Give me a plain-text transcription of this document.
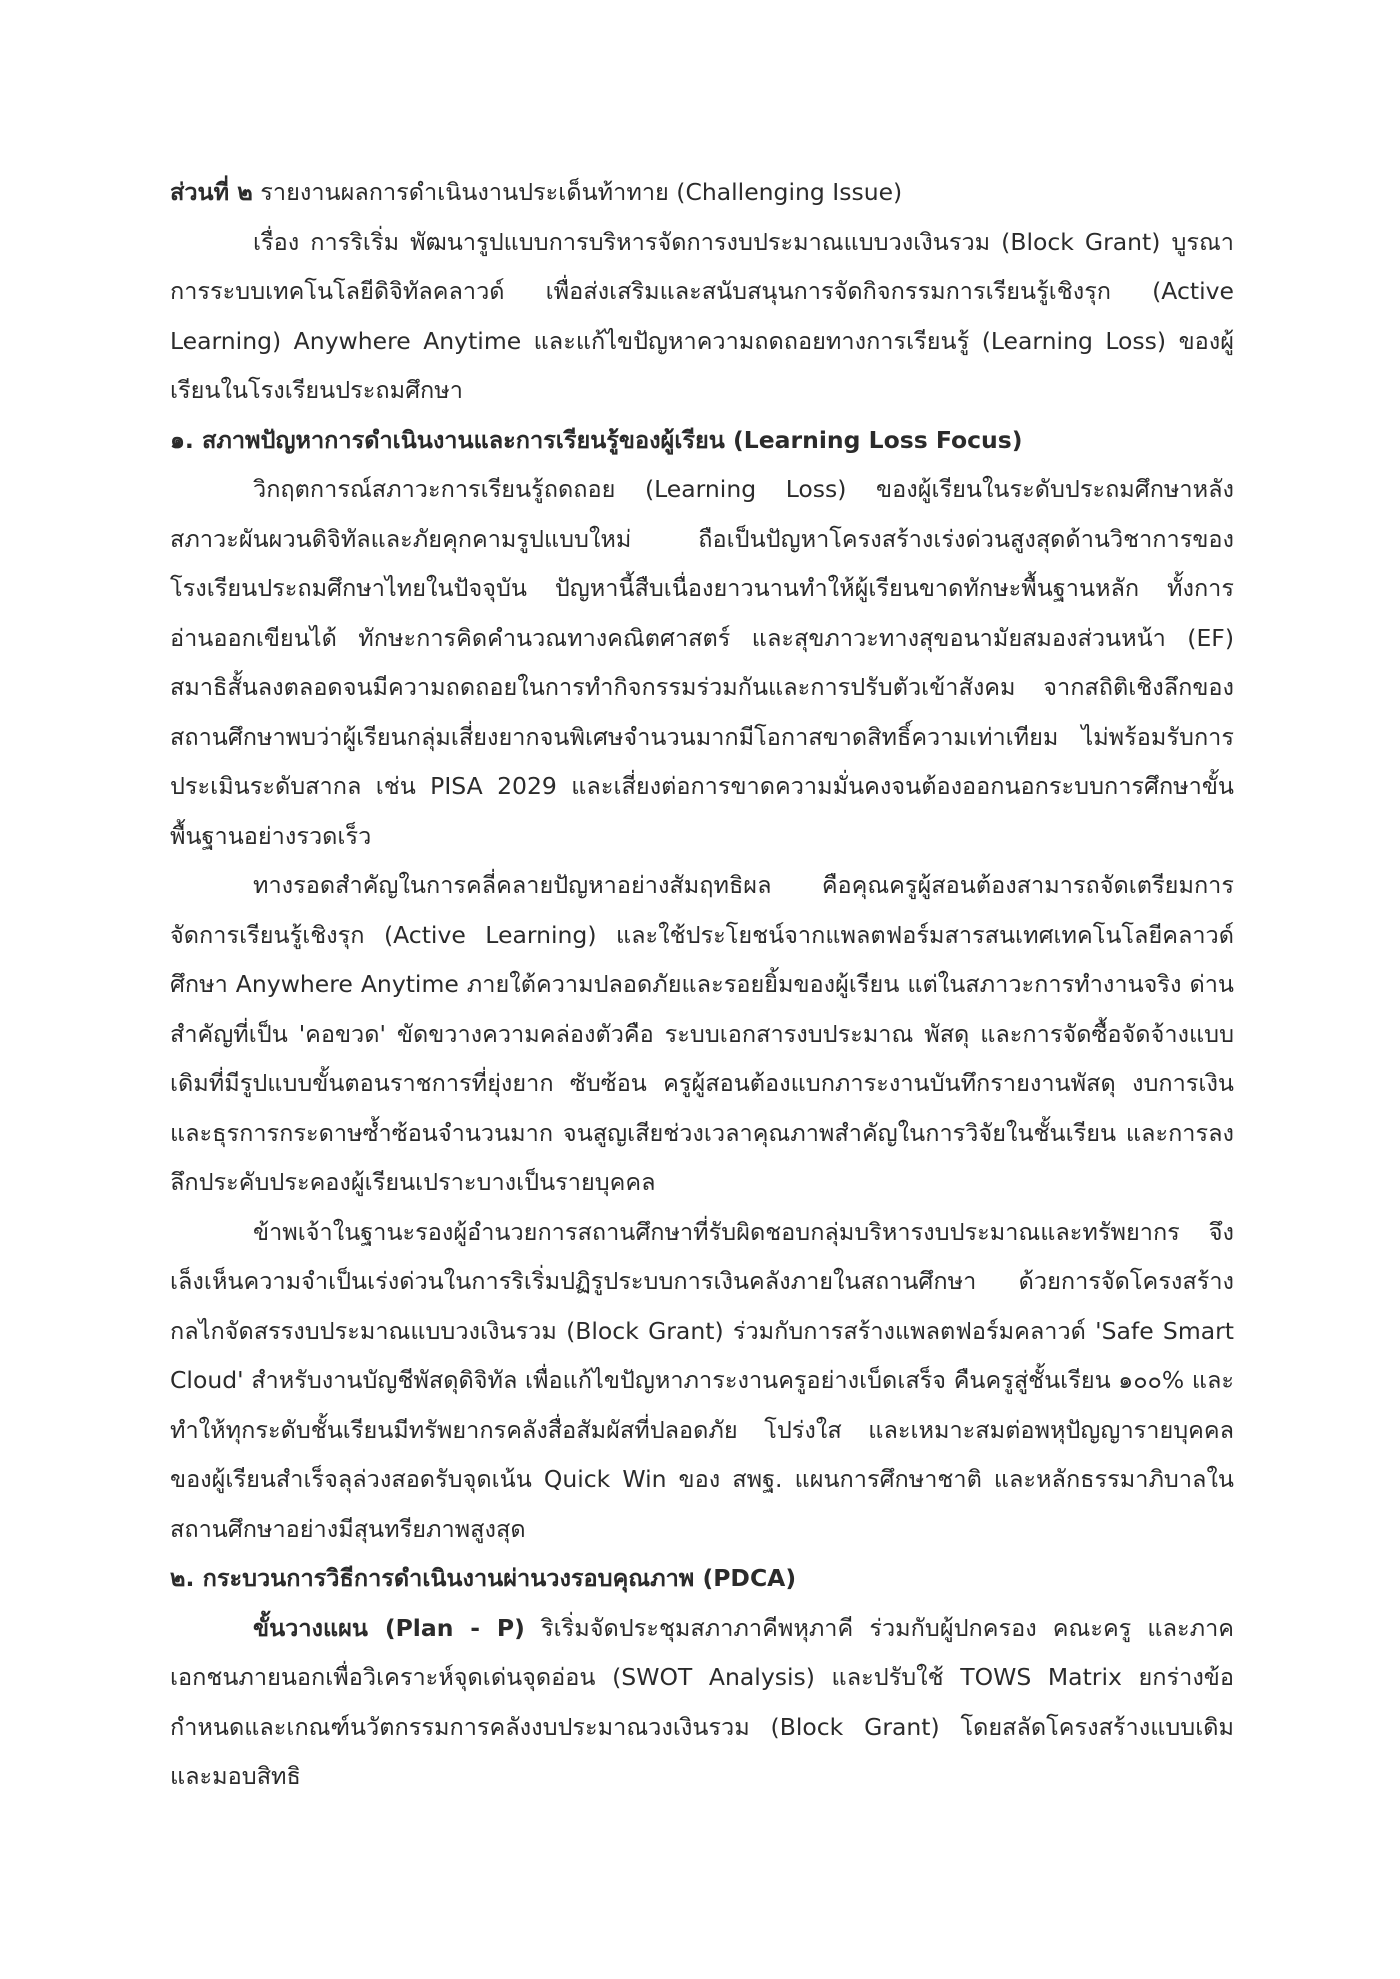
ส่วนที่ ๒ รายงานผลการดำเนินงานประเด็นท้าทาย (Challenging Issue)

เรื่อง การริเริ่ม พัฒนารูปแบบการบริหารจัดการงบประมาณแบบวงเงินรวม (Block Grant) บูรณาการระบบเทคโนโลยีดิจิทัลคลาวด์ เพื่อส่งเสริมและสนับสนุนการจัดกิจกรรมการเรียนรู้เชิงรุก (Active Learning) Anywhere Anytime และแก้ไขปัญหาความถดถอยทางการเรียนรู้ (Learning Loss) ของผู้เรียนในโรงเรียนประถมศึกษา

๑. สภาพปัญหาการดำเนินงานและการเรียนรู้ของผู้เรียน (Learning Loss Focus)

วิกฤตการณ์สภาวะการเรียนรู้ถดถอย (Learning Loss) ของผู้เรียนในระดับประถมศึกษาหลังสภาวะผันผวนดิจิทัลและภัยคุกคามรูปแบบใหม่ ถือเป็นปัญหาโครงสร้างเร่งด่วนสูงสุดด้านวิชาการของโรงเรียนประถมศึกษาไทยในปัจจุบัน ปัญหานี้สืบเนื่องยาวนานทำให้ผู้เรียนขาดทักษะพื้นฐานหลัก ทั้งการอ่านออกเขียนได้ ทักษะการคิดคำนวณทางคณิตศาสตร์ และสุขภาวะทางสุขอนามัยสมองส่วนหน้า (EF) สมาธิสั้นลงตลอดจนมีความถดถอยในการทำกิจกรรมร่วมกันและการปรับตัวเข้าสังคม จากสถิติเชิงลึกของสถานศึกษาพบว่าผู้เรียนกลุ่มเสี่ยงยากจนพิเศษจำนวนมากมีโอกาสขาดสิทธิ์ความเท่าเทียม ไม่พร้อมรับการประเมินระดับสากล เช่น PISA 2029 และเสี่ยงต่อการขาดความมั่นคงจนต้องออกนอกระบบการศึกษาขั้นพื้นฐานอย่างรวดเร็ว

ทางรอดสำคัญในการคลี่คลายปัญหาอย่างสัมฤทธิผล คือคุณครูผู้สอนต้องสามารถจัดเตรียมการจัดการเรียนรู้เชิงรุก (Active Learning) และใช้ประโยชน์จากแพลตฟอร์มสารสนเทศเทคโนโลยีคลาวด์ศึกษา Anywhere Anytime ภายใต้ความปลอดภัยและรอยยิ้มของผู้เรียน แต่ในสภาวะการทำงานจริง ด่านสำคัญที่เป็น 'คอขวด' ขัดขวางความคล่องตัวคือ ระบบเอกสารงบประมาณ พัสดุ และการจัดซื้อจัดจ้างแบบเดิมที่มีรูปแบบขั้นตอนราชการที่ยุ่งยาก ซับซ้อน ครูผู้สอนต้องแบกภาระงานบันทึกรายงานพัสดุ งบการเงิน และธุรการกระดาษซ้ำซ้อนจำนวนมาก จนสูญเสียช่วงเวลาคุณภาพสำคัญในการวิจัยในชั้นเรียน และการลงลึกประคับประคองผู้เรียนเปราะบางเป็นรายบุคคล

ข้าพเจ้าในฐานะรองผู้อำนวยการสถานศึกษาที่รับผิดชอบกลุ่มบริหารงบประมาณและทรัพยากร จึงเล็งเห็นความจำเป็นเร่งด่วนในการริเริ่มปฏิรูประบบการเงินคลังภายในสถานศึกษา ด้วยการจัดโครงสร้างกลไกจัดสรรงบประมาณแบบวงเงินรวม (Block Grant) ร่วมกับการสร้างแพลตฟอร์มคลาวด์ 'Safe Smart Cloud' สำหรับงานบัญชีพัสดุดิจิทัล เพื่อแก้ไขปัญหาภาระงานครูอย่างเบ็ดเสร็จ คืนครูสู่ชั้นเรียน ๑๐๐% และทำให้ทุกระดับชั้นเรียนมีทรัพยากรคลังสื่อสัมผัสที่ปลอดภัย โปร่งใส และเหมาะสมต่อพหุปัญญารายบุคคลของผู้เรียนสำเร็จลุล่วงสอดรับจุดเน้น Quick Win ของ สพฐ. แผนการศึกษาชาติ และหลักธรรมาภิบาลในสถานศึกษาอย่างมีสุนทรียภาพสูงสุด

๒. กระบวนการวิธีการดำเนินงานผ่านวงรอบคุณภาพ (PDCA)

ขั้นวางแผน (Plan - P) ริเริ่มจัดประชุมสภาภาคีพหุภาคี ร่วมกับผู้ปกครอง คณะครู และภาคเอกชนภายนอกเพื่อวิเคราะห์จุดเด่นจุดอ่อน (SWOT Analysis) และปรับใช้ TOWS Matrix ยกร่างข้อกำหนดและเกณฑ์นวัตกรรมการคลังงบประมาณวงเงินรวม (Block Grant) โดยสลัดโครงสร้างแบบเดิม และมอบสิทธิ
